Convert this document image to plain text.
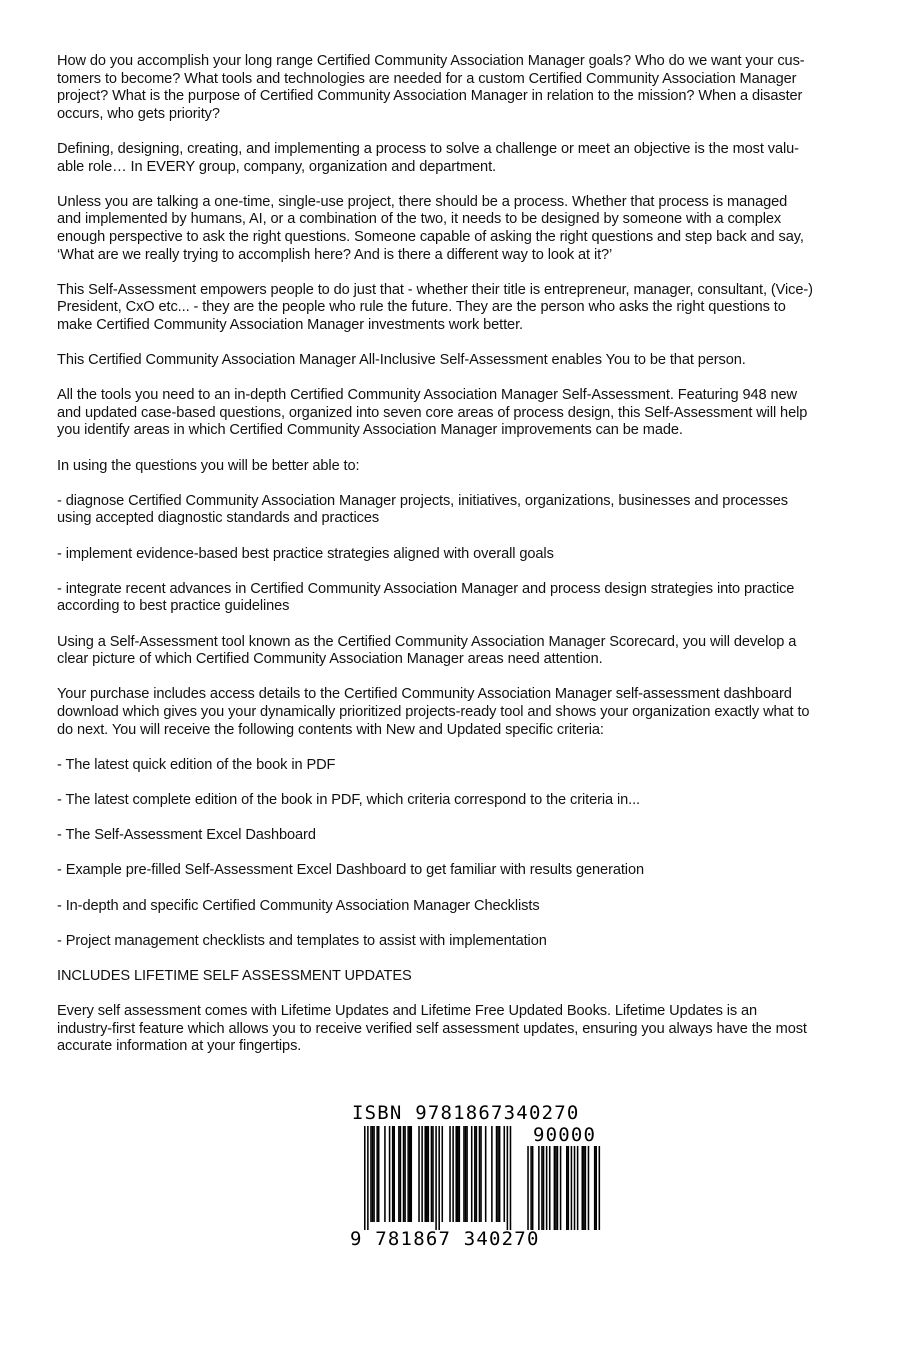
How do you accomplish your long range Certified Community Association Manager goals? Who do we want your cus-
tomers to become? What tools and technologies are needed for a custom Certified Community Association Manager
project? What is the purpose of Certified Community Association Manager in relation to the mission? When a disaster
occurs, who gets priority?

Defining, designing, creating, and implementing a process to solve a challenge or meet an objective is the most valu-
able role… In EVERY group, company, organization and department.

Unless you are talking a one-time, single-use project, there should be a process. Whether that process is managed
and implemented by humans, AI, or a combination of the two, it needs to be designed by someone with a complex
enough perspective to ask the right questions. Someone capable of asking the right questions and step back and say,
‘What are we really trying to accomplish here? And is there a different way to look at it?’

This Self-Assessment empowers people to do just that - whether their title is entrepreneur, manager, consultant, (Vice-)
President, CxO etc... - they are the people who rule the future. They are the person who asks the right questions to
make Certified Community Association Manager investments work better.

This Certified Community Association Manager All-Inclusive Self-Assessment enables You to be that person.

All the tools you need to an in-depth Certified Community Association Manager Self-Assessment. Featuring 948 new
and updated case-based questions, organized into seven core areas of process design, this Self-Assessment will help
you identify areas in which Certified Community Association Manager improvements can be made.

In using the questions you will be better able to:

- diagnose Certified Community Association Manager projects, initiatives, organizations, businesses and processes
using accepted diagnostic standards and practices

- implement evidence-based best practice strategies aligned with overall goals

- integrate recent advances in Certified Community Association Manager and process design strategies into practice
according to best practice guidelines

Using a Self-Assessment tool known as the Certified Community Association Manager Scorecard, you will develop a
clear picture of which Certified Community Association Manager areas need attention.

Your purchase includes access details to the Certified Community Association Manager self-assessment dashboard
download which gives you your dynamically prioritized projects-ready tool and shows your organization exactly what to
do next. You will receive the following contents with New and Updated specific criteria:

- The latest quick edition of the book in PDF

- The latest complete edition of the book in PDF, which criteria correspond to the criteria in...

- The Self-Assessment Excel Dashboard

- Example pre-filled Self-Assessment Excel Dashboard to get familiar with results generation

- In-depth and specific Certified Community Association Manager Checklists

- Project management checklists and templates to assist with implementation

INCLUDES LIFETIME SELF ASSESSMENT UPDATES

Every self assessment comes with Lifetime Updates and Lifetime Free Updated Books. Lifetime Updates is an
industry-first feature which allows you to receive verified self assessment updates, ensuring you always have the most
accurate information at your fingertips.

ISBN 9781867340270
90000
9 781867 340270
